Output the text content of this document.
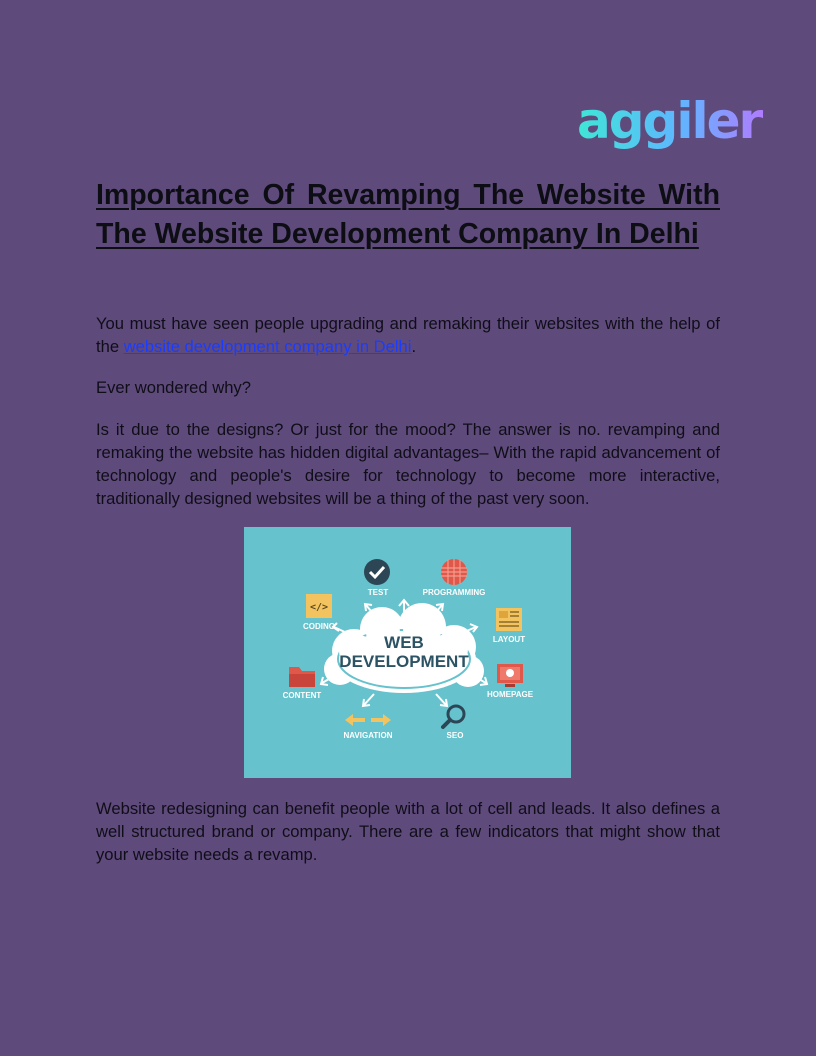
aggiler
Importance Of Revamping The Website With The Website Development Company In Delhi

You must have seen people upgrading and remaking their websites with the help of the website development company in Delhi.

Ever wondered why?

Is it due to the designs? Or just for the mood? The answer is no. revamping and remaking the website has hidden digital advantages– With the rapid advancement of technology and people's desire for technology to become more interactive, traditionally designed websites will be a thing of the past very soon.

WEB
DEVELOPMENT
TEST	PROGRAMMING
</>
CODING
LAYOUT
CONTENT	HOMEPAGE
NAVIGATION	SEO

Website redesigning can benefit people with a lot of cell and leads. It also defines a well structured brand or company. There are a few indicators that might show that your website needs a revamp.
